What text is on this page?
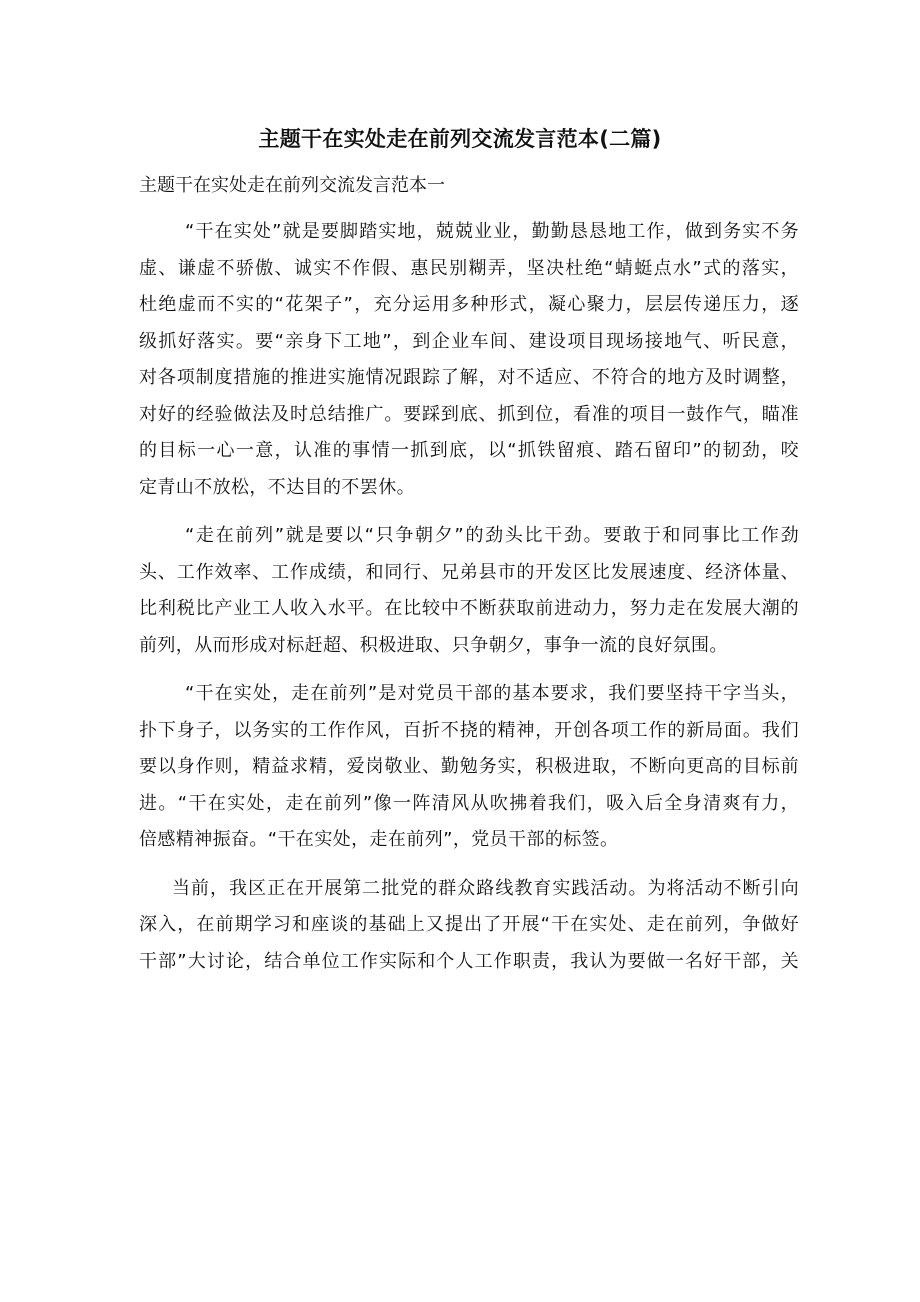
主题干在实处走在前列交流发言范本(二篇)
主题干在实处走在前列交流发言范本一
“干在实处”就是要脚踏实地，兢兢业业，勤勤恳恳地工作，做到务实不务
虚、谦虚不骄傲、诚实不作假、惠民别糊弄，坚决杜绝“蜻蜓点水”式的落实，
杜绝虚而不实的“花架子”，充分运用多种形式，凝心聚力，层层传递压力，逐
级抓好落实。要“亲身下工地”，到企业车间、建设项目现场接地气、听民意，
对各项制度措施的推进实施情况跟踪了解，对不适应、不符合的地方及时调整，
对好的经验做法及时总结推广。要踩到底、抓到位，看准的项目一鼓作气，瞄准
的目标一心一意，认准的事情一抓到底，以“抓铁留痕、踏石留印”的韧劲，咬
定青山不放松，不达目的不罢休。
“走在前列”就是要以“只争朝夕”的劲头比干劲。要敢于和同事比工作劲
头、工作效率、工作成绩，和同行、兄弟县市的开发区比发展速度、经济体量、
比利税比产业工人收入水平。在比较中不断获取前进动力，努力走在发展大潮的
前列，从而形成对标赶超、积极进取、只争朝夕，事争一流的良好氛围。
“干在实处，走在前列”是对党员干部的基本要求，我们要坚持干字当头，
扑下身子，以务实的工作作风，百折不挠的精神，开创各项工作的新局面。我们
要以身作则，精益求精，爱岗敬业、勤勉务实，积极进取，不断向更高的目标前
进。“干在实处，走在前列”像一阵清风从吹拂着我们，吸入后全身清爽有力，
倍感精神振奋。“干在实处，走在前列”，党员干部的标签。
当前，我区正在开展第二批党的群众路线教育实践活动。为将活动不断引向
深入，在前期学习和座谈的基础上又提出了开展“干在实处、走在前列，争做好
干部”大讨论，结合单位工作实际和个人工作职责，我认为要做一名好干部，关
